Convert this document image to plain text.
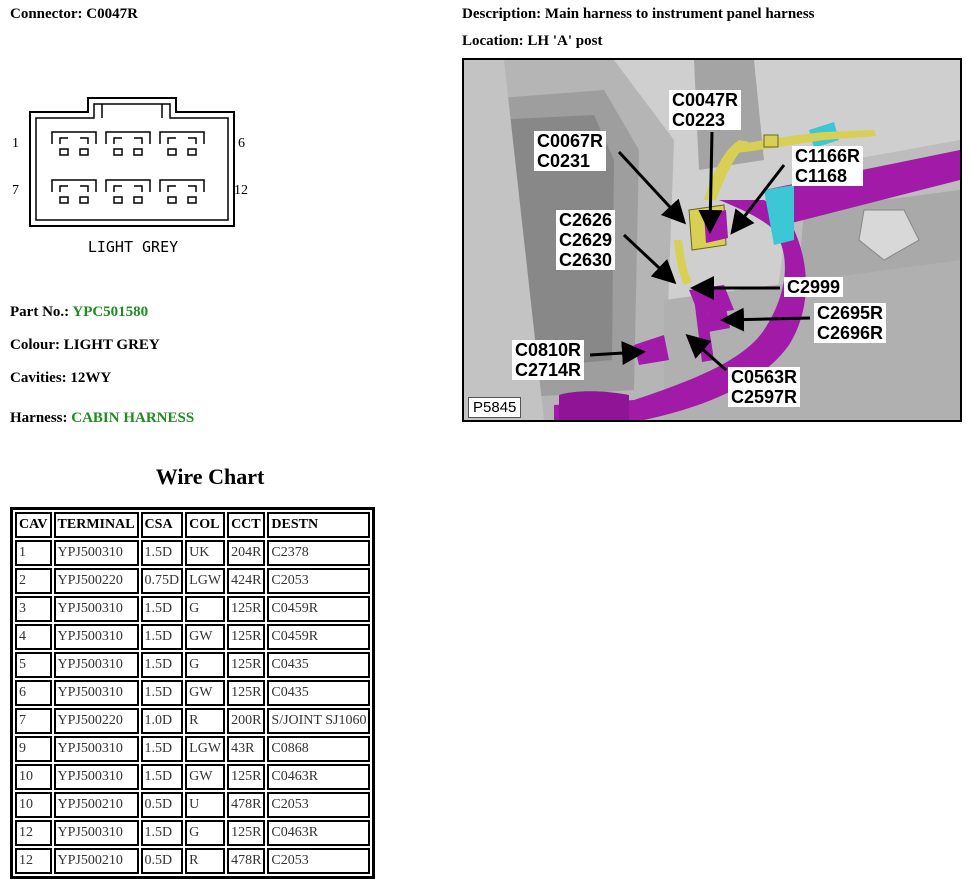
Connector: C0047R	Description: Main harness to instrument panel harness
Location: LH 'A' post
1	6
7	12
LIGHT GREY
Part No.: YPC501580
Colour: LIGHT GREY
Cavities: 12WY
Harness: CABIN HARNESS
C0047R
C0223
C0067R
C0231	C1166R
C1168
C2626
C2629
C2630
C2999
C2695R
C2696R
C0810R
C2714R	C0563R
C2597R
P5845
Wire Chart
CAV	TERMINAL	CSA	COL	CCT	DESTN
1	YPJ500310	1.5D	UK	204R	C2378
2	YPJ500220	0.75D	LGW	424R	C2053
3	YPJ500310	1.5D	G	125R	C0459R
4	YPJ500310	1.5D	GW	125R	C0459R
5	YPJ500310	1.5D	G	125R	C0435
6	YPJ500310	1.5D	GW	125R	C0435
7	YPJ500220	1.0D	R	200R	S/JOINT SJ1060
9	YPJ500310	1.5D	LGW	43R	C0868
10	YPJ500310	1.5D	GW	125R	C0463R
10	YPJ500210	0.5D	U	478R	C2053
12	YPJ500310	1.5D	G	125R	C0463R
12	YPJ500210	0.5D	R	478R	C2053
